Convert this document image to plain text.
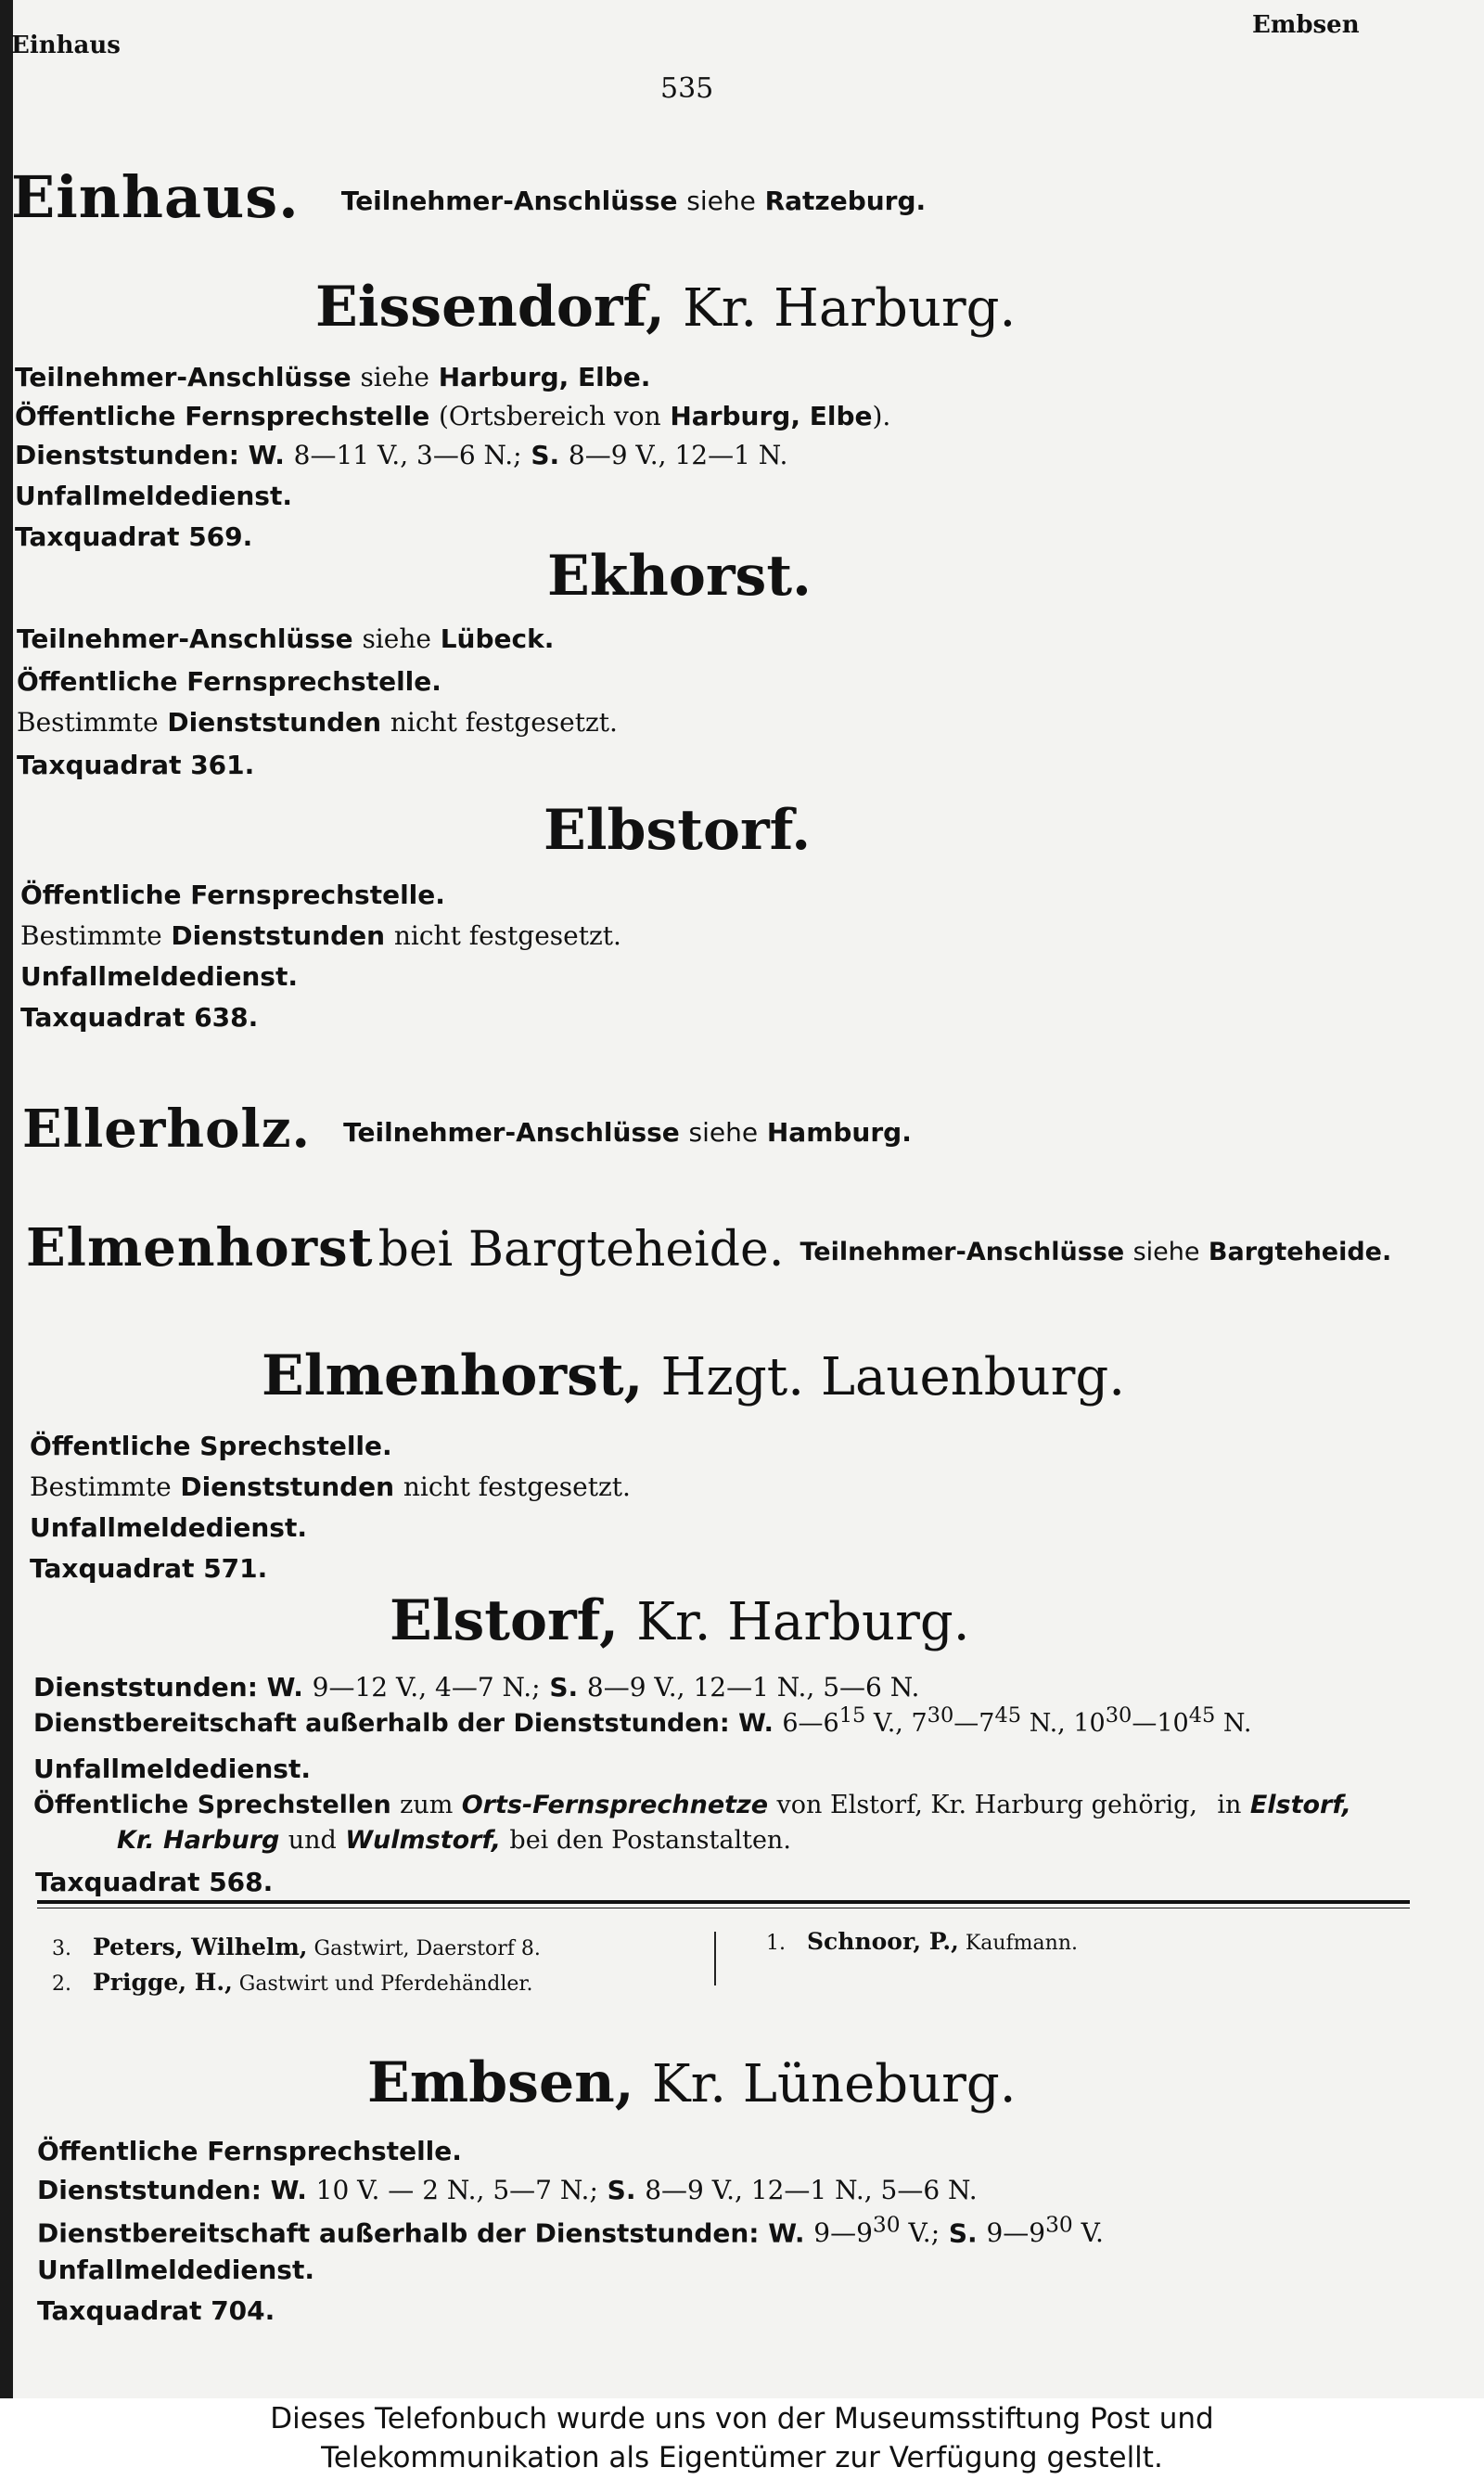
Einhaus
Embsen
535
Einhaus. Teilnehmer-Anschlüsse siehe Ratzeburg.
Eissendorf, Kr. Harburg.
Teilnehmer-Anschlüsse siehe Harburg, Elbe.
Öffentliche Fernsprechstelle (Ortsbereich von Harburg, Elbe).
Dienststunden: W. 8—11 V., 3—6 N.; S. 8—9 V., 12—1 N.
Unfallmeldedienst.
Taxquadrat 569.
Ekhorst.
Teilnehmer-Anschlüsse siehe Lübeck.
Öffentliche Fernsprechstelle.
Bestimmte Dienststunden nicht festgesetzt.
Taxquadrat 361.
Elbstorf.
Öffentliche Fernsprechstelle.
Bestimmte Dienststunden nicht festgesetzt.
Unfallmeldedienst.
Taxquadrat 638.
Ellerholz. Teilnehmer-Anschlüsse siehe Hamburg.
Elmenhorst bei Bargteheide. Teilnehmer-Anschlüsse siehe Bargteheide.
Elmenhorst, Hzgt. Lauenburg.
Öffentliche Sprechstelle.
Bestimmte Dienststunden nicht festgesetzt.
Unfallmeldedienst.
Taxquadrat 571.
Elstorf, Kr. Harburg.
Dienststunden: W. 9—12 V., 4—7 N.; S. 8—9 V., 12—1 N., 5—6 N.
Dienstbereitschaft außerhalb der Dienststunden: W. $6—6^{15}$ V., $7^{30}—7^{45}$ N., $10^{30}—10^{45}$ N.
Unfallmeldedienst.
Öffentliche Sprechstellen zum Orts-Fernsprechnetze von Elstorf, Kr. Harburg gehörig, in Elstorf,
Kr. Harburg und Wulmstorf, bei den Postanstalten.
Taxquadrat 568.
3. Peters, Wilhelm, Gastwirt, Daerstorf 8.
2. Prigge, H., Gastwirt und Pferdehändler.
1. Schnoor, P., Kaufmann.
Embsen, Kr. Lüneburg.
Öffentliche Fernsprechstelle.
Dienststunden: W. 10 V. — 2 N., 5—7 N.; S. 8—9 V., 12—1 N., 5—6 N.
Dienstbereitschaft außerhalb der Dienststunden: W. $9—9^{30}$ V.; S. $9—9^{30}$ V.
Unfallmeldedienst.
Taxquadrat 704.
Dieses Telefonbuch wurde uns von der Museumsstiftung Post und
Telekommunikation als Eigentümer zur Verfügung gestellt.
